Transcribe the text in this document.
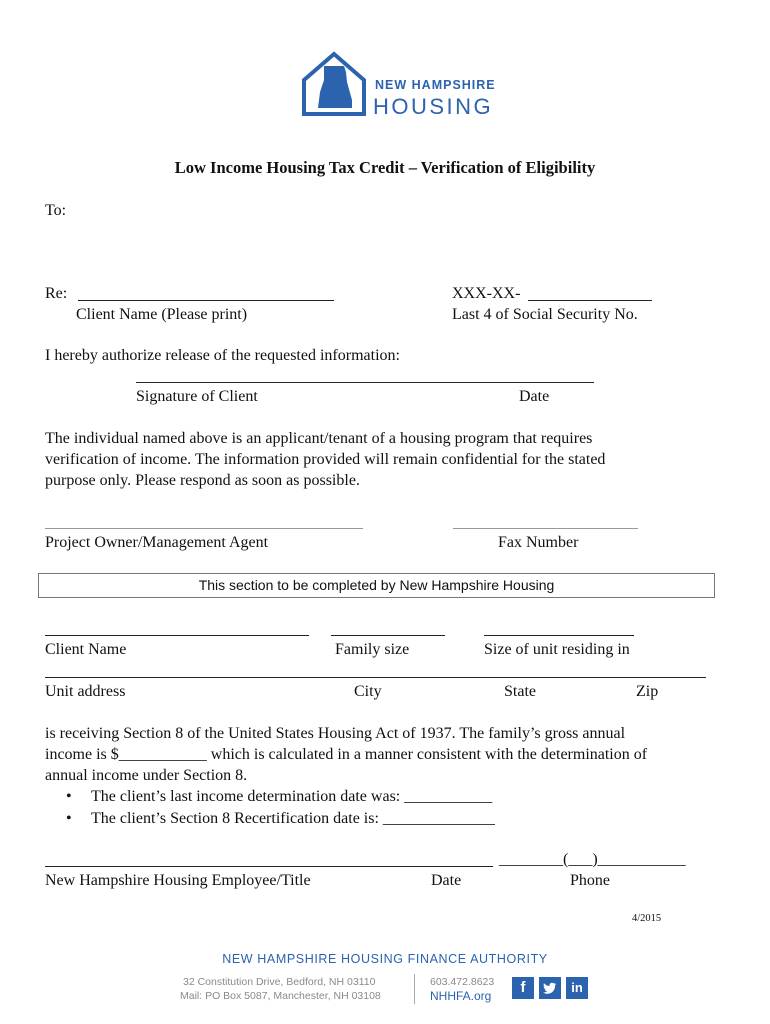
NEW HAMPSHIRE
HOUSING
Low Income Housing Tax Credit – Verification of Eligibility
To:
Re:
Client Name (Please print)
XXX-XX-
Last 4 of Social Security No.
I hereby authorize release of the requested information:
Signature of Client	Date
The individual named above is an applicant/tenant of a housing program that requires
verification of income. The information provided will remain confidential for the stated
purpose only. Please respond as soon as possible.
Project Owner/Management Agent	Fax Number
This section to be completed by New Hampshire Housing
Client Name	Family size	Size of unit residing in
Unit address	City	State	Zip
is receiving Section 8 of the United States Housing Act of 1937. The family’s gross annual
income is $___________ which is calculated in a manner consistent with the determination of
annual income under Section 8.
• The client’s last income determination date was: ___________
• The client’s Section 8 Recertification date is: ______________
________(___)___________
New Hampshire Housing Employee/Title	Date	Phone
4/2015
NEW HAMPSHIRE HOUSING FINANCE AUTHORITY
32 Constitution Drive, Bedford, NH 03110
Mail: PO Box 5087, Manchester, NH 03108
603.472.8623
NHHFA.org	f	in
